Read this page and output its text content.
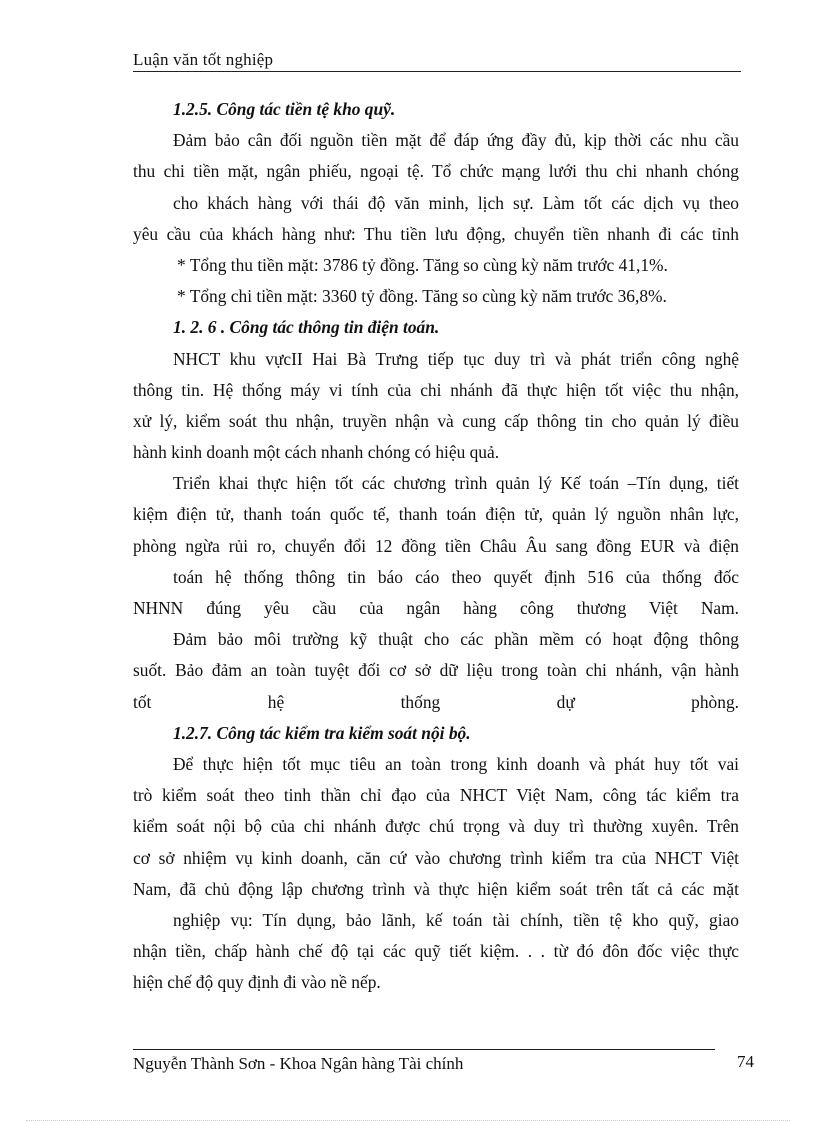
Luận văn tốt nghiệp
1.2.5. Công tác tiền tệ kho quỹ.
Đảm bảo cân đối nguồn tiền mặt để đáp ứng đầy đủ, kịp thời các nhu cầu
thu chi tiền mặt, ngân phiếu, ngoại tệ. Tổ chức mạng lưới thu chi nhanh chóng
cho khách hàng với thái độ văn minh, lịch sự. Làm tốt các dịch vụ theo
yêu cầu của khách hàng như: Thu tiền lưu động, chuyển tiền nhanh đi các tỉnh
* Tổng thu tiền mặt: 3786 tỷ đồng. Tăng so cùng kỳ năm trước 41,1%.
* Tổng chi tiền mặt: 3360 tỷ đồng. Tăng so cùng kỳ năm trước 36,8%.
1. 2. 6 . Công tác thông tin điện toán.
NHCT khu vựcII Hai Bà Trưng tiếp tục duy trì và phát triển công nghệ
thông tin. Hệ thống máy vi tính của chi nhánh đã thực hiện tốt việc thu nhận,
xử lý, kiểm soát thu nhận, truyền nhận và cung cấp thông tin cho quản lý điều
hành kinh doanh một cách nhanh chóng có hiệu quả.
Triển khai thực hiện tốt các chương trình quản lý Kế toán –Tín dụng, tiết
kiệm điện tử, thanh toán quốc tế, thanh toán điện tử, quản lý nguồn nhân lực,
phòng ngừa rủi ro, chuyển đổi 12 đồng tiền Châu Âu sang đồng EUR và điện
toán hệ thống thông tin báo cáo theo quyết định 516 của thống đốc
NHNN đúng yêu cầu của ngân hàng công thương Việt Nam.
Đảm bảo môi trường kỹ thuật cho các phần mềm có hoạt động thông
suốt. Bảo đảm an toàn tuyệt đối cơ sở dữ liệu trong toàn chi nhánh, vận hành
tốt hệ thống dự phòng.
1.2.7. Công tác kiểm tra kiểm soát nội bộ.
Để thực hiện tốt mục tiêu an toàn trong kinh doanh và phát huy tốt vai
trò kiểm soát theo tinh thần chỉ đạo của NHCT Việt Nam, công tác kiểm tra
kiểm soát nội bộ của chi nhánh được chú trọng và duy trì thường xuyên. Trên
cơ sở nhiệm vụ kinh doanh, căn cứ vào chương trình kiểm tra của NHCT Việt
Nam, đã chủ động lập chương trình và thực hiện kiểm soát trên tất cả các mặt
nghiệp vụ: Tín dụng, bảo lãnh, kế toán tài chính, tiền tệ kho quỹ, giao
nhận tiền, chấp hành chế độ tại các quỹ tiết kiệm. . . từ đó đôn đốc việc thực
hiện chế độ quy định đi vào nề nếp.
Nguyễn Thành Sơn - Khoa Ngân hàng Tài chính	74
